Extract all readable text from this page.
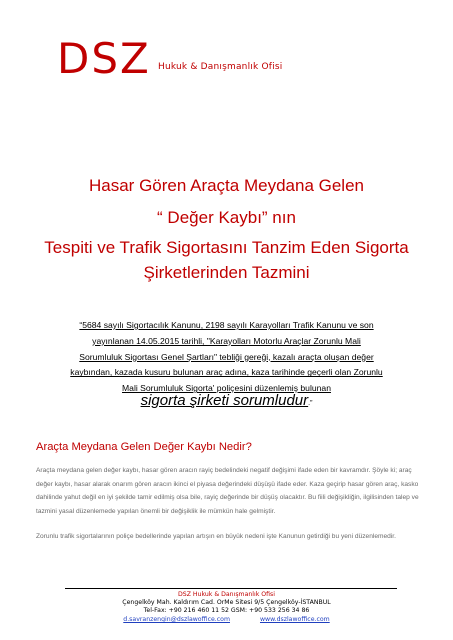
DSZ Hukuk & Danışmanlık Ofisi
Hasar Gören Araçta Meydana Gelen
“ Değer Kaybı” nın
Tespiti ve Trafik Sigortasını Tanzim Eden Sigorta
Şirketlerinden Tazmini
“5684 sayılı Sigortacılık Kanunu, 2198 sayılı Karayolları Trafik Kanunu ve son
yayınlanan 14.05.2015 tarihli, "Karayolları Motorlu Araçlar Zorunlu Mali
Sorumluluk Sigortası Genel Şartları" tebliği gereği, kazalı araçta oluşan değer
kaybından, kazada kusuru bulunan araç adına, kaza tarihinde geçerli olan Zorunlu
Mali Sorumluluk Sigorta' poliçesini düzenlemiş bulunan
sigorta şirketi sorumludur.”
Araçta Meydana Gelen Değer Kaybı Nedir?
Araçta meydana gelen değer kaybı, hasar gören aracın rayiç bedelindeki negatif değişimi ifade eden bir kavramdır. Şöyle ki; araç değer kaybı, hasar alarak onarım gören aracın ikinci el piyasa değerindeki düşüşü ifade eder. Kaza geçirip hasar gören araç, kasko dahilinde yahut değil en iyi şekilde tamir edilmiş olsa bile, rayiç değerinde bir düşüş olacaktır. Bu fiili değişikliğin, ilgilisinden talep ve tazmini yasal düzenlemede yapılan önemli bir değişiklik ile mümkün hale gelmiştir.
Zorunlu trafik sigortalarının poliçe bedellerinde yapılan artışın en büyük nedeni işte Kanunun getirdiği bu yeni düzenlemedir.
DSZ Hukuk & Danışmanlık Ofisi
Çengelköy Mah. Kaldırım Cad. OrMe Sitesi 9/5 Çengelköy-İSTANBUL
Tel-Fax: +90 216 460 11 52 GSM: +90 533 256 34 86
d.savranzengin@dszlawoffice.com	www.dszlawoffice.com
